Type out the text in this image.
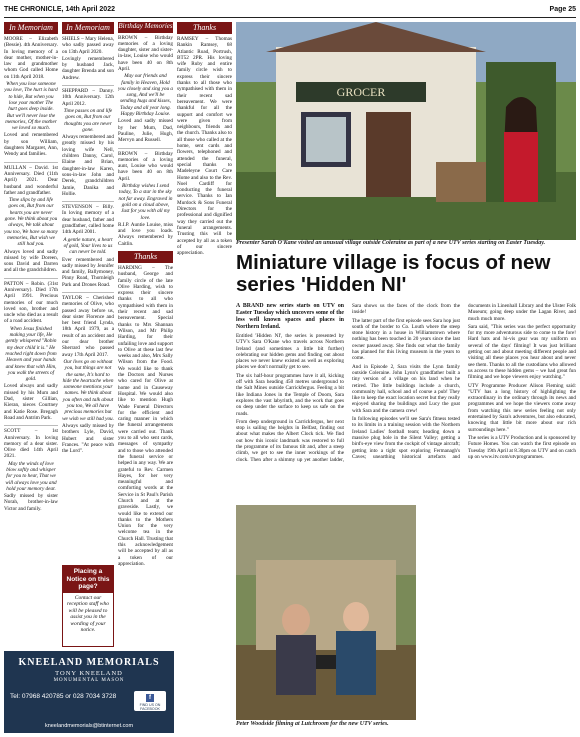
THE CHRONICLE, 14th April 2022	Page 25
In Memoriam

MOORE – Elizabeth (Bessie). 4th Anniversary. In loving memory of a dear mother, mother-in-law and grandmother whom God called Home on 11th April 2018.

When you lose someone you love, The hurt is hard to hide, But when you lose your mother The hurt goes deep inside. But we'll never lose the memories, Of the mother we loved so much.

Loved and remembered by son William, daughters Margaret, Ann, Wendy and families.

MULLAN – David. 1st Anniversary. Died (11th April) 2021. Dear husband and wonderful father and grandfather.

Time slips by and life goes on, But from our hearts you are never gone. We think about you always, We talk about you too, We have so many memories, But wish we still had you.

Always loved and sadly missed by wife Doreen, sons David and Darren and all the grandchildren.

PATTON – Robin. (31st Anniversary). Died 17th April 1991. Precious memories of our much loved son, brother and uncle who died as a result of a road accident.

When Jesus finished making your life, He gently whispered "Robin my dear child it is." He reached right down from Heaven and your hands and knew that with Him, you walk the streets of gold.

Loved always and sadly missed by his Mum and Dad, sister Gillian, Kieran, nieces Courtney and Katie Rose. Bregagh Road and Antrim Park.

SCOTT – 1st Anniversary. In loving memory of a dear sister. Olive died 14th April 2021.

May the winds of love blow softly and whisper for you to hear, That we will always love you and hold your memory dear.

Sadly missed by sister Norah, brother-in-law Victor and family.

In Memoriam

SHIELS – Mary Helena, who sadly passed away on 13th April 2020.

Lovingly remembered by husband Jack, daughter Brenda and son Andrew.

SHEPPARD – Danny. 10th Anniversary. 12th April 2012.

Time passes on and life goes on, But from our thoughts you are never gone.

Always remembered and greatly missed by his loving wife Nell, children Danny, Carol, Elaine and Brian, daughter-in-law Karen, sons-in-law John and Derek, grandchildren Jamie, Danika and Hollie.

STEVENSON – Billy. In loving memory of a dear husband, father and grandfather, called home 14th April 2001.

A gentle nature, a heart of gold, Your lives to us can never be told.

Ever remembered and sadly missed by Jennifer and family, Ballymoney, Pinny Road, Thornleigh Park and Drones Road.

TAYLOR – Cherished memories of Olive, who passed away before us, dear sister Florence and her best friend Lynda, 18th April 1979, as a result of an accident and our dear brother Sherrard who passed away 17th April 2017.

Our lives go on without you, but things are not the same, It's hard to hide the heartache when someone mentions your names. We think about you often and talk about you too, We all have precious memories but we wish we still had you.

Always sadly missed by brothers Lyle, David, Hubert and sister Frances. "At peace with the Lord".

Placing a Notice on this page?
Contact our reception staff who will be pleased to assist you in the wording of your notice.
Birthday Memories

BROWN – Birthday memories of a loving daughter, sister and sister-in-law, Louise who would have been 40 on 8th April.

May our friends and family in Heaven, Hold you closely and sing you a song, And we'll be sending hugs and kisses, Today and all year long. Happy Birthday Louise.

Loved and sadly missed by her Mum, Dad, Pauline, Julie, Hugh, Mervyn and Russell.

BROWN – Birthday memories of a loving aunt, Louise who would have been 40 on 8th April.

Birthday wishes I send today, To a star in the sky not far away. Engraved in gold on a cloud above, Just for you with all my love.

R.I.P. Auntie Louise, miss and love you loads. Always remembered by Caitlin.

Thanks

HARDING – The husband, George and family circle of the late Olive Harding, wish to express their sincere thanks to all who sympathised with them in their recent and sad bereavement. Special thanks to Mrs Shannan Wilson, and Mr Philip Harding, for their unfailing love and support to Olive at these last few weeks and also, Mrs Sally Wilson from the Food. We would like to thank the Doctors and Nurses who cared for Olive at home and in Causeway Hospital. We would also like to mention Hugh Wade Funeral Directors for the efficient and caring manner in which the funeral arrangements were carried out. Thank you to all who sent cards, messages of sympathy and to those who attended the funeral service or helped in any way. We are grateful to Rev. Carmen Hayes, for her very meaningful and comforting words at the Service in St Paul's Parish Church and at the graveside. Lastly, we would like to extend our thanks to the Mothers Union for the very welcome tea in the Church Hall. Trusting that this acknowledgement will be accepted by all as a token of our appreciation.

Thanks

RAMSEY – Thomas Rankin Ramsey, 68 Atlantic Road, Portrush, BT52 2PR. His loving wife Ruby and entire family circle wish to express their sincere thanks to all those who sympathised with them in their recent sad bereavement. We were thankful for all the support and comfort we were given from neighbours, friends and the church. Thanks also to all those who called at the home, sent cards and flowers, telephoned and attended the funeral, special thanks to Madeleyne Court Care Home and also to the Rev. Noel Cardiff for conducting the funeral service. Thanks to Ian Murdock & Sons Funeral Directors for the professional and dignified way they carried out the funeral arrangements. Trusting this will be accepted by all as a token of our sincere appreciation.

KNEELAND MEMORIALS
TONY KNEELAND
MONUMENTAL MASON
Tel: 07968 420785 or 028 7034 3728	f
FIND US ON
FACEBOOK
kneelandmemorials@btinternet.com
GROCER
Presenter Sarah O'Kane visited an unusual village outside Coleraine as part of a new UTV series starting on Easter Tuesday.
Miniature village is focus of new series 'Hidden NI'

A BRAND new series starts on UTV on Easter Tuesday which uncovers some of the less well known spaces and places in Northern Ireland.

Entitled 'Hidden NI', the series is presented by UTV's Sara O'Kane who travels across Northern Ireland (and sometimes a little bit further) celebrating our hidden gems and finding out about places we never knew existed as well as exploring places we don't normally get to see.

The six half-hour programmes have it all, kicking off with Sara heading 450 metres underground to the Salt Mines outside Carrickfergus. Feeling a bit like Indiana Jones in the Temple of Doom, Sara explores the vast labyrinth, and the work that goes on deep under the surface to keep us safe on the roads.

From deep underground in Carrickfergus, her next stop is sailing the heights in Belfast, finding out about what makes the Albert Clock tick. We find out how this iconic landmark was restored to full the programme of its famous tilt and, after a steep climb, we get to see the inner workings of the clock. Then after a shimmy up yet another ladder, Sara shows us the faces of the clock from the inside!

The latter part of the first episode sees Sara hop just south of the border to Co. Louth where the steep stone history in a house in Williamstown where nothing has been touched in 20 years since the last owner passed away. She finds out what the family has planned for this living museum in the years to come.

And in Episode 2, Sara visits the Lynn family outside Coleraine. John Lynn's grandfather built a tiny version of a village on his land when he retired. The little buildings include a church, community hall, school and of course a pub! They like to keep the exact location secret but they really enjoyed sharing the buildings and Lucy the goat with Sara and the camera crew!

In following episodes we'll see Sara's fitness tested to its limits in a training session with the Northern Ireland Ladies' football team; heading down a massive plug hole in the Silent Valley; getting a bird's-eye view from the cockpit of vintage aircraft; getting into a tight spot exploring Fermanagh's Caves; unearthing historical artefacts and documents in Linenhall Library and the Ulster Folk Museum; going deep under the Lagan River, and much much more.

Sara said, "This series was the perfect opportunity for my more adventurous side to come to the fore! Hard hats and hi-vis gear was my uniform on several of the days' filming! It was just brilliant getting out and about meeting different people and visiting all these places you hear about and never see them. Thanks to all the custodians who allowed us access to these hidden gems – we had great fun filming and we hope viewers enjoy watching."

UTV Programme Producer Alison Fleming said: "UTV has a long history of highlighting the extraordinary in the ordinary through its news and programmes and we hope the viewers come away from watching this new series feeling not only entertained by Sara's adventures, but also educated, knowing that little bit more about our rich surroundings here."

The series is a UTV Production and is sponsored by Future Homes. You can watch the first episode on Tuesday 19th April at 8.30pm on UTV and on catch up on www.itv.com/utvprogrammes.

Peter Woodside filming at Lutchroom for the new UTV series.
